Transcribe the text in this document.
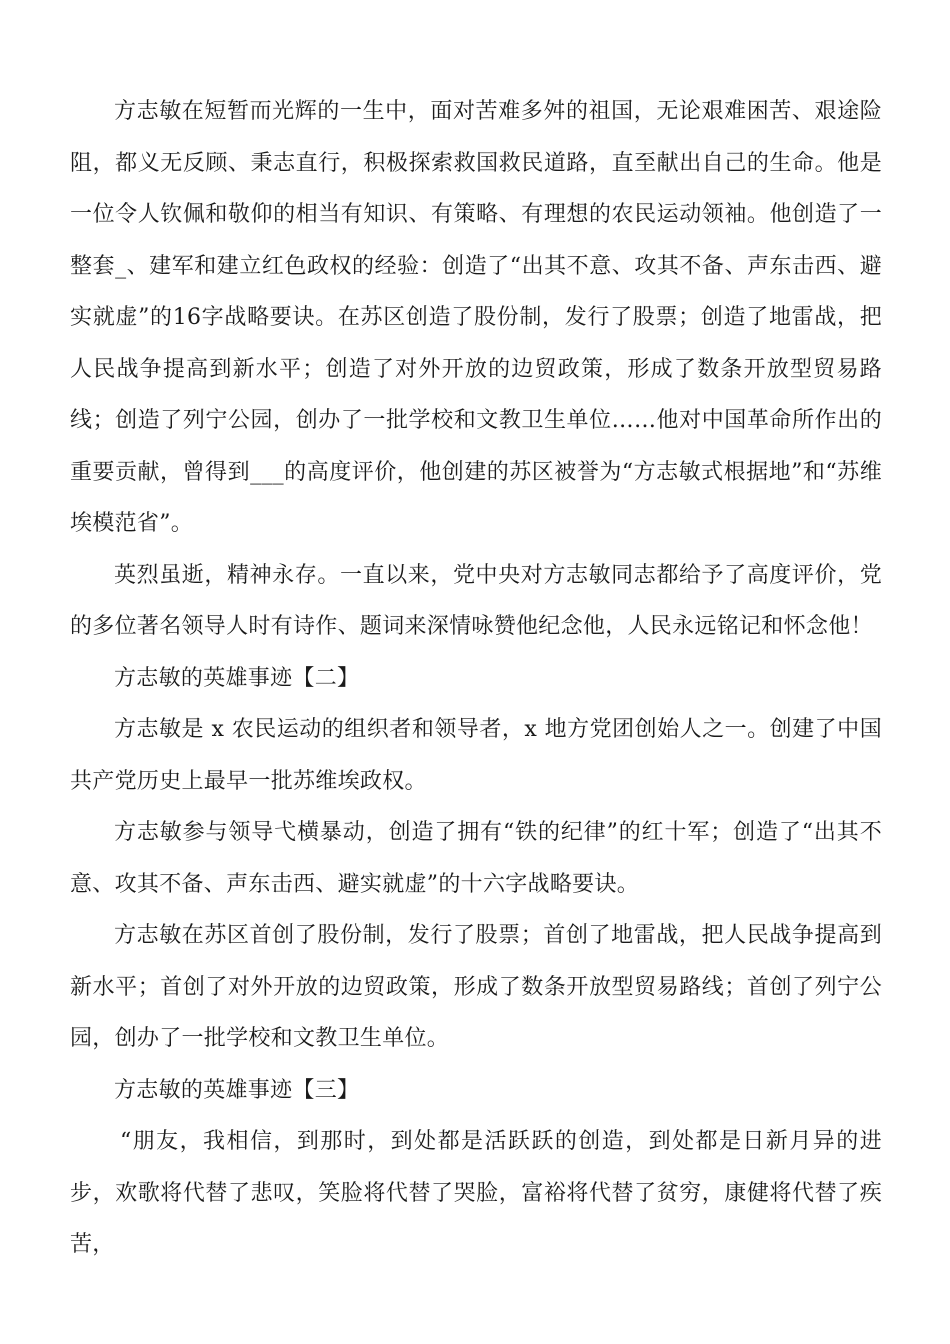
方志敏在短暂而光辉的一生中，面对苦难多舛的祖国，无论艰难困苦、艰途险阻，都义无反顾、秉志直行，积极探索救国救民道路，直至献出自己的生命。他是一位令人钦佩和敬仰的相当有知识、有策略、有理想的农民运动领袖。他创造了一整套_、建军和建立红色政权的经验：创造了“出其不意、攻其不备、声东击西、避实就虚”的16字战略要诀。在苏区创造了股份制，发行了股票；创造了地雷战，把人民战争提高到新水平；创造了对外开放的边贸政策，形成了数条开放型贸易路线；创造了列宁公园，创办了一批学校和文教卫生单位……他对中国革命所作出的重要贡献，曾得到___的高度评价，他创建的苏区被誉为“方志敏式根据地”和“苏维埃模范省”。

英烈虽逝，精神永存。一直以来，党中央对方志敏同志都给予了高度评价，党的多位著名领导人时有诗作、题词来深情咏赞他纪念他，人民永远铭记和怀念他！

方志敏的英雄事迹【二】

方志敏是 x 农民运动的组织者和领导者，x 地方党团创始人之一。创建了中国共产党历史上最早一批苏维埃政权。

方志敏参与领导弋横暴动，创造了拥有“铁的纪律”的红十军；创造了“出其不意、攻其不备、声东击西、避实就虚”的十六字战略要诀。

方志敏在苏区首创了股份制，发行了股票；首创了地雷战，把人民战争提高到新水平；首创了对外开放的边贸政策，形成了数条开放型贸易路线；首创了列宁公园，创办了一批学校和文教卫生单位。

方志敏的英雄事迹【三】

“朋友，我相信，到那时，到处都是活跃跃的创造，到处都是日新月异的进步，欢歌将代替了悲叹，笑脸将代替了哭脸，富裕将代替了贫穷，康健将代替了疾苦，
